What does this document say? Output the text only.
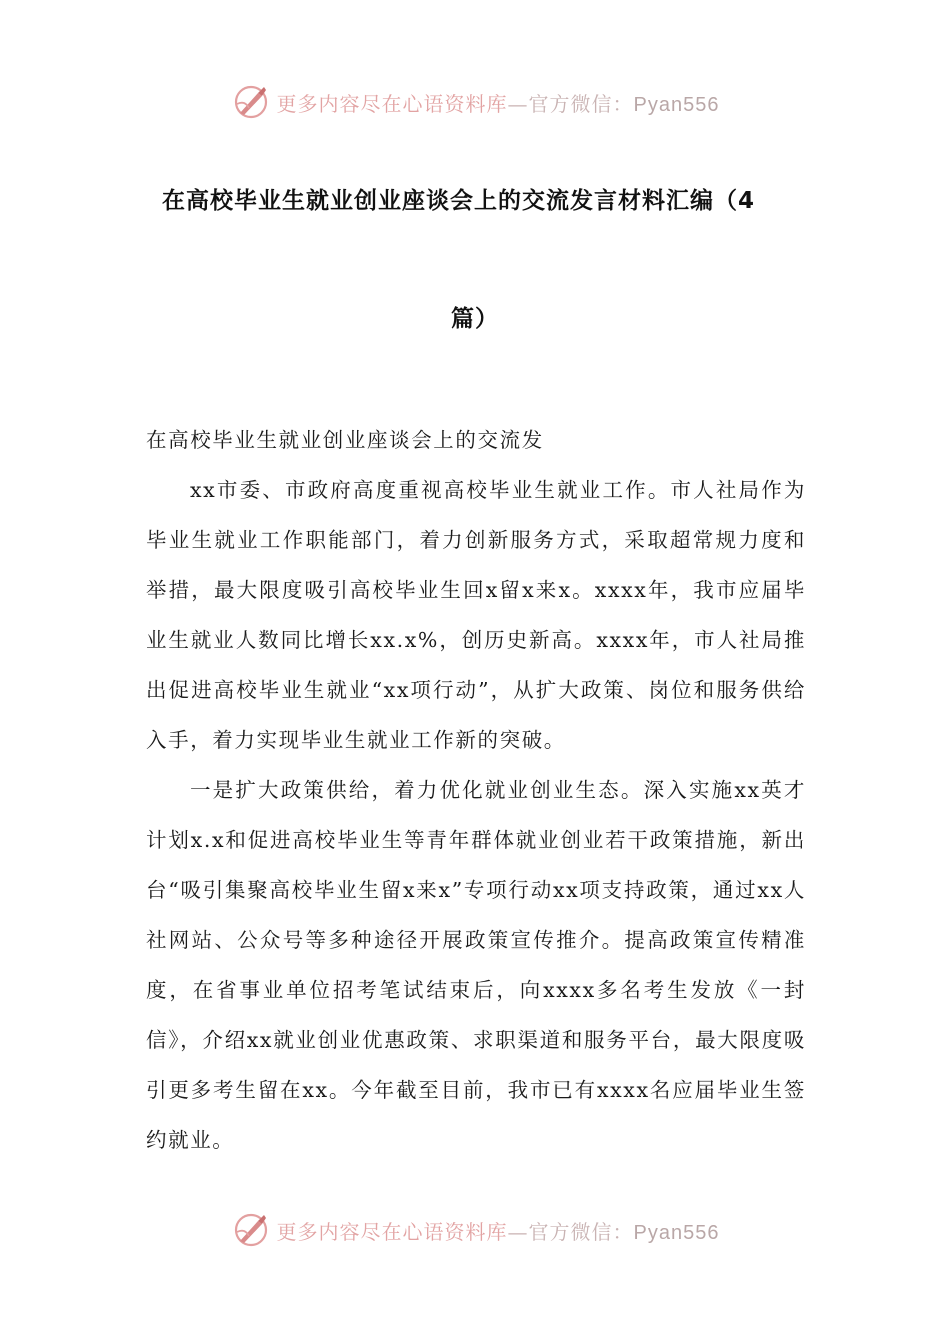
更多内容尽在心语资料库—官方微信：Pyan556
在高校毕业生就业创业座谈会上的交流发言材料汇编（4
篇）

在高校毕业生就业创业座谈会上的交流发

xx市委、市政府高度重视高校毕业生就业工作。市人社局作为毕业生就业工作职能部门，着力创新服务方式，采取超常规力度和举措，最大限度吸引高校毕业生回x留x来x。xxxx年，我市应届毕业生就业人数同比增长xx.x%，创历史新高。xxxx年，市人社局推出促进高校毕业生就业“xx项行动”，从扩大政策、岗位和服务供给入手，着力实现毕业生就业工作新的突破。

一是扩大政策供给，着力优化就业创业生态。深入实施xx英才计划x.x和促进高校毕业生等青年群体就业创业若干政策措施，新出台“吸引集聚高校毕业生留x来x”专项行动xx项支持政策，通过xx人社网站、公众号等多种途径开展政策宣传推介。提高政策宣传精准度，在省事业单位招考笔试结束后，向xxxx多名考生发放《一封信》，介绍xx就业创业优惠政策、求职渠道和服务平台，最大限度吸引更多考生留在xx。今年截至目前，我市已有xxxx名应届毕业生签约就业。

更多内容尽在心语资料库—官方微信：Pyan556
